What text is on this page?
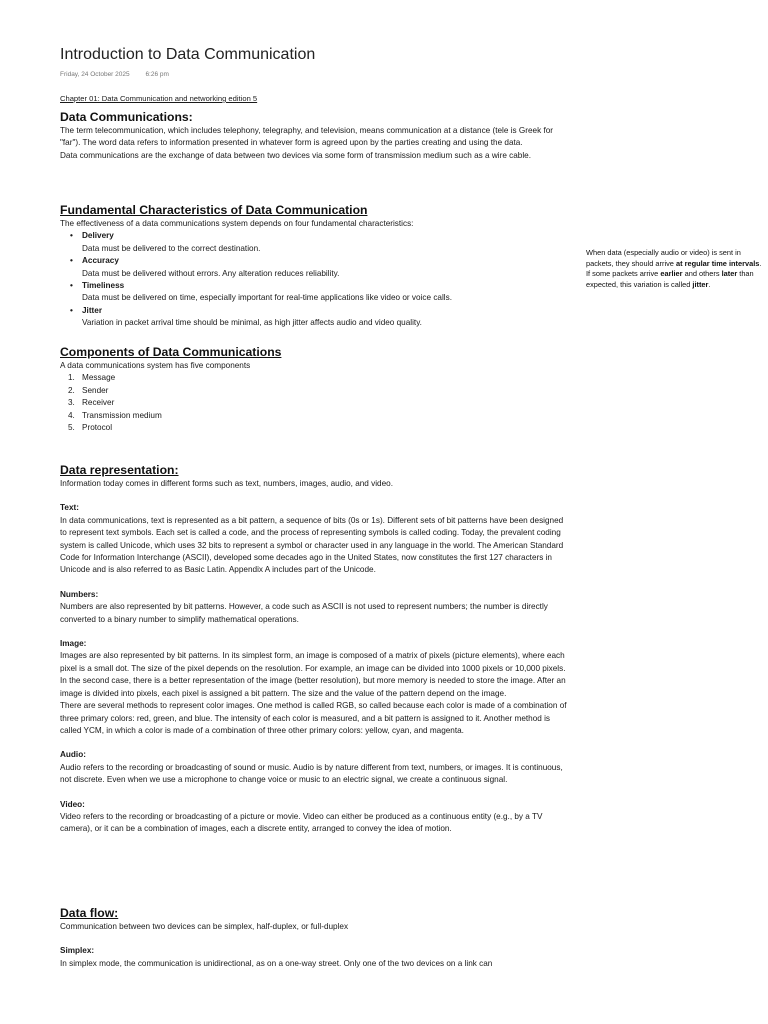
Introduction to Data Communication
Friday, 24 October 2025 6:26 pm
Chapter 01: Data Communication and networking edition 5
Data Communications:

The term telecommunication, which includes telephony, telegraphy, and television, means communication at a distance (tele is Greek for "far"). The word data refers to information presented in whatever form is agreed upon by the parties creating and using the data.

Data communications are the exchange of data between two devices via some form of transmission medium such as a wire cable.

Fundamental Characteristics of Data Communication

The effectiveness of a data communications system depends on four fundamental characteristics:

• Delivery
Data must be delivered to the correct destination.
• Accuracy
Data must be delivered without errors. Any alteration reduces reliability.
• Timeliness
Data must be delivered on time, especially important for real-time applications like video or voice calls.
• Jitter
Variation in packet arrival time should be minimal, as high jitter affects audio and video quality.
Components of Data Communications

A data communications system has five components

1. Message
2. Sender
3. Receiver
4. Transmission medium
5. Protocol
Data representation:

Information today comes in different forms such as text, numbers, images, audio, and video.

Text:

In data communications, text is represented as a bit pattern, a sequence of bits (0s or 1s). Different sets of bit patterns have been designed to represent text symbols. Each set is called a code, and the process of representing symbols is called coding. Today, the prevalent coding system is called Unicode, which uses 32 bits to represent a symbol or character used in any language in the world. The American Standard Code for Information Interchange (ASCII), developed some decades ago in the United States, now constitutes the first 127 characters in Unicode and is also referred to as Basic Latin. Appendix A includes part of the Unicode.

Numbers:

Numbers are also represented by bit patterns. However, a code such as ASCII is not used to represent numbers; the number is directly converted to a binary number to simplify mathematical operations.

Image:

Images are also represented by bit patterns. In its simplest form, an image is composed of a matrix of pixels (picture elements), where each pixel is a small dot. The size of the pixel depends on the resolution. For example, an image can be divided into 1000 pixels or 10,000 pixels. In the second case, there is a better representation of the image (better resolution), but more memory is needed to store the image. After an image is divided into pixels, each pixel is assigned a bit pattern. The size and the value of the pattern depend on the image.

There are several methods to represent color images. One method is called RGB, so called because each color is made of a combination of three primary colors: red, green, and blue. The intensity of each color is measured, and a bit pattern is assigned to it. Another method is called YCM, in which a color is made of a combination of three other primary colors: yellow, cyan, and magenta.

Audio:

Audio refers to the recording or broadcasting of sound or music. Audio is by nature different from text, numbers, or images. It is continuous, not discrete. Even when we use a microphone to change voice or music to an electric signal, we create a continuous signal.

Video:

Video refers to the recording or broadcasting of a picture or movie. Video can either be produced as a continuous entity (e.g., by a TV camera), or it can be a combination of images, each a discrete entity, arranged to convey the idea of motion.

Data flow:

Communication between two devices can be simplex, half-duplex, or full-duplex

Simplex:

In simplex mode, the communication is unidirectional, as on a one-way street. Only one of the two devices on a link can

When data (especially audio or video) is sent in packets, they should arrive at regular time intervals. If some packets arrive earlier and others later than expected, this variation is called jitter.
